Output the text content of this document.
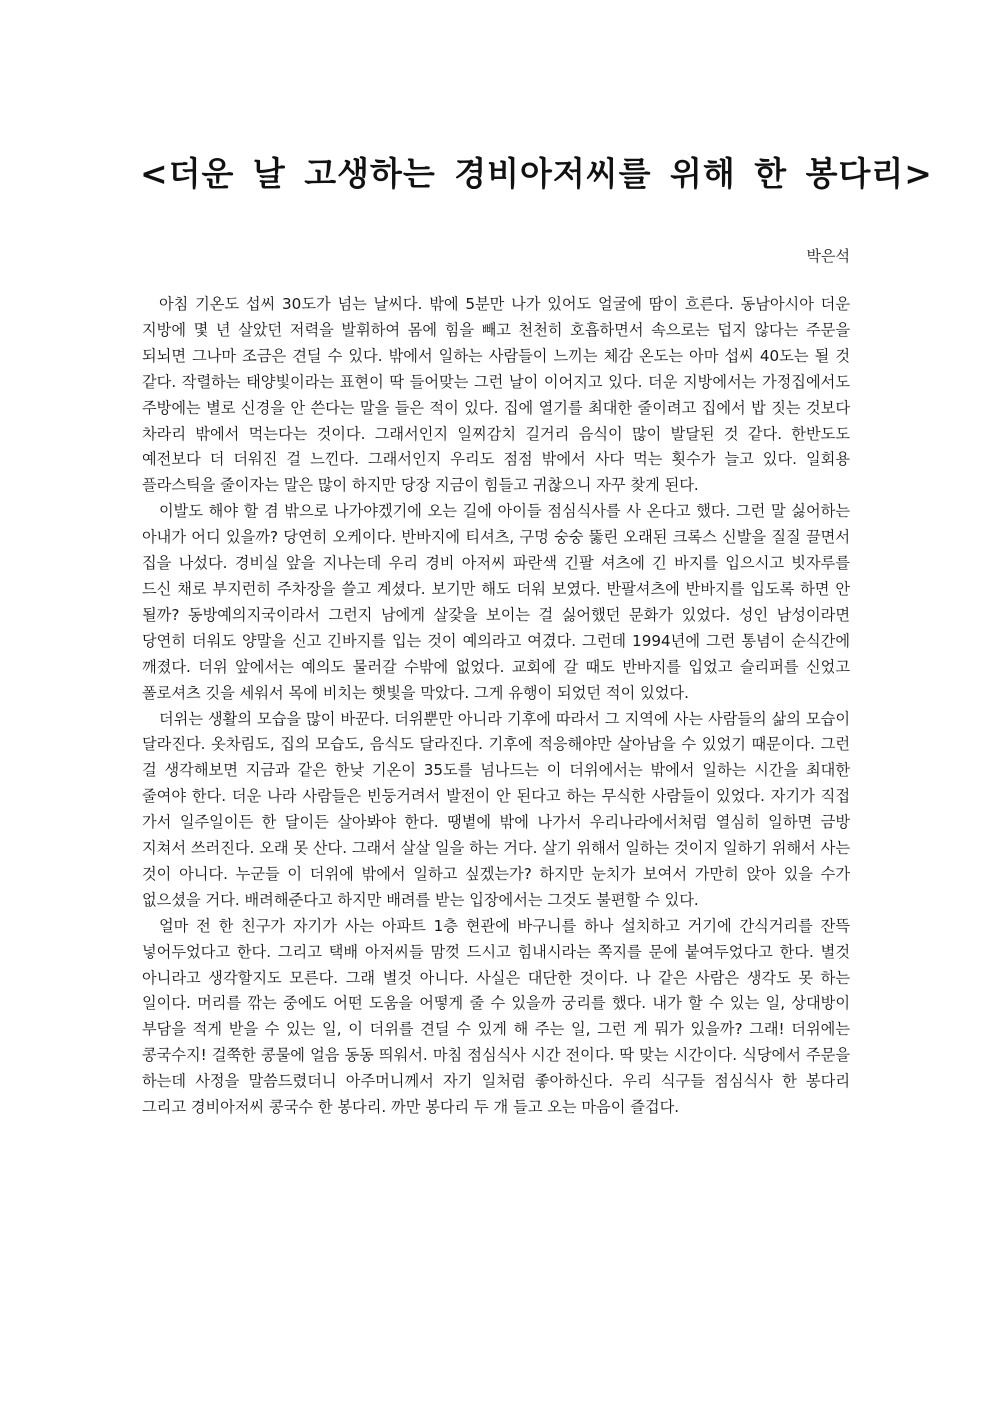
<더운 날 고생하는 경비아저씨를 위해 한 봉다리>
박은석

아침 기온도 섭씨 30도가 넘는 날씨다. 밖에 5분만 나가 있어도 얼굴에 땀이 흐른다. 동남아시아 더운 지방에 몇 년 살았던 저력을 발휘하여 몸에 힘을 빼고 천천히 호흡하면서 속으로는 덥지 않다는 주문을 되뇌면 그나마 조금은 견딜 수 있다. 밖에서 일하는 사람들이 느끼는 체감 온도는 아마 섭씨 40도는 될 것 같다. 작렬하는 태양빛이라는 표현이 딱 들어맞는 그런 날이 이어지고 있다. 더운 지방에서는 가정집에서도 주방에는 별로 신경을 안 쓴다는 말을 들은 적이 있다. 집에 열기를 최대한 줄이려고 집에서 밥 짓는 것보다 차라리 밖에서 먹는다는 것이다. 그래서인지 일찌감치 길거리 음식이 많이 발달된 것 같다. 한반도도 예전보다 더 더워진 걸 느낀다. 그래서인지 우리도 점점 밖에서 사다 먹는 횟수가 늘고 있다. 일회용 플라스틱을 줄이자는 말은 많이 하지만 당장 지금이 힘들고 귀찮으니 자꾸 찾게 된다.

이발도 해야 할 겸 밖으로 나가야겠기에 오는 길에 아이들 점심식사를 사 온다고 했다. 그런 말 싫어하는 아내가 어디 있을까? 당연히 오케이다. 반바지에 티셔츠, 구멍 숭숭 뚫린 오래된 크록스 신발을 질질 끌면서 집을 나섰다. 경비실 앞을 지나는데 우리 경비 아저씨 파란색 긴팔 셔츠에 긴 바지를 입으시고 빗자루를 드신 채로 부지런히 주차장을 쓸고 계셨다. 보기만 해도 더워 보였다. 반팔셔츠에 반바지를 입도록 하면 안 될까? 동방예의지국이라서 그런지 남에게 살갗을 보이는 걸 싫어했던 문화가 있었다. 성인 남성이라면 당연히 더워도 양말을 신고 긴바지를 입는 것이 예의라고 여겼다. 그런데 1994년에 그런 통념이 순식간에 깨졌다. 더위 앞에서는 예의도 물러갈 수밖에 없었다. 교회에 갈 때도 반바지를 입었고 슬리퍼를 신었고 폴로셔츠 깃을 세워서 목에 비치는 햇빛을 막았다. 그게 유행이 되었던 적이 있었다.

더위는 생활의 모습을 많이 바꾼다. 더위뿐만 아니라 기후에 따라서 그 지역에 사는 사람들의 삶의 모습이 달라진다. 옷차림도, 집의 모습도, 음식도 달라진다. 기후에 적응해야만 살아남을 수 있었기 때문이다. 그런 걸 생각해보면 지금과 같은 한낮 기온이 35도를 넘나드는 이 더위에서는 밖에서 일하는 시간을 최대한 줄여야 한다. 더운 나라 사람들은 빈둥거려서 발전이 안 된다고 하는 무식한 사람들이 있었다. 자기가 직접 가서 일주일이든 한 달이든 살아봐야 한다. 땡볕에 밖에 나가서 우리나라에서처럼 열심히 일하면 금방 지쳐서 쓰러진다. 오래 못 산다. 그래서 살살 일을 하는 거다. 살기 위해서 일하는 것이지 일하기 위해서 사는 것이 아니다. 누군들 이 더위에 밖에서 일하고 싶겠는가? 하지만 눈치가 보여서 가만히 앉아 있을 수가 없으셨을 거다. 배려해준다고 하지만 배려를 받는 입장에서는 그것도 불편할 수 있다.

얼마 전 한 친구가 자기가 사는 아파트 1층 현관에 바구니를 하나 설치하고 거기에 간식거리를 잔뜩 넣어두었다고 한다. 그리고 택배 아저씨들 맘껏 드시고 힘내시라는 쪽지를 문에 붙여두었다고 한다. 별것 아니라고 생각할지도 모른다. 그래 별것 아니다. 사실은 대단한 것이다. 나 같은 사람은 생각도 못 하는 일이다. 머리를 깎는 중에도 어떤 도움을 어떻게 줄 수 있을까 궁리를 했다. 내가 할 수 있는 일, 상대방이 부담을 적게 받을 수 있는 일, 이 더위를 견딜 수 있게 해 주는 일, 그런 게 뭐가 있을까? 그래! 더위에는 콩국수지! 걸쭉한 콩물에 얼음 동동 띄워서. 마침 점심식사 시간 전이다. 딱 맞는 시간이다. 식당에서 주문을 하는데 사정을 말씀드렸더니 아주머니께서 자기 일처럼 좋아하신다. 우리 식구들 점심식사 한 봉다리 그리고 경비아저씨 콩국수 한 봉다리. 까만 봉다리 두 개 들고 오는 마음이 즐겁다.
